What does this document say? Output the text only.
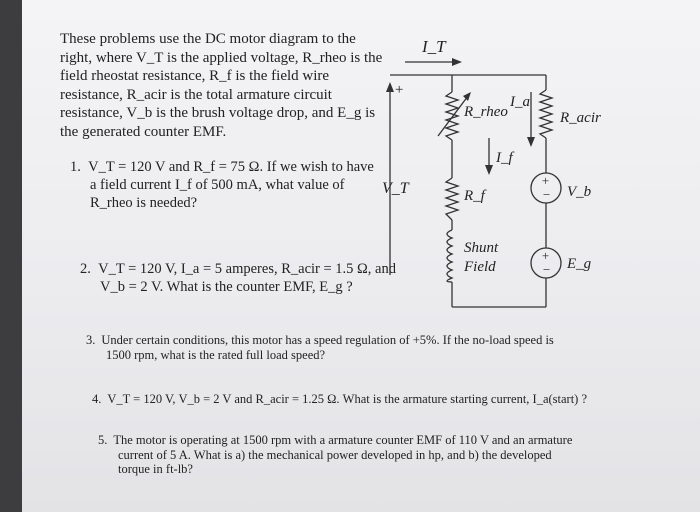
These problems use the DC motor diagram to the
right, where V_T is the applied voltage, R_rheo is the
field rheostat resistance, R_f is the field wire
resistance, R_acir is the total armature circuit
resistance, V_b is the brush voltage drop, and E_g is
the generated counter EMF.
1. V_T = 120 V and R_f = 75 Ω. If we wish to have
a field current I_f of 500 mA, what value of
R_rheo is needed?
2. V_T = 120 V, I_a = 5 amperes, R_acir = 1.5 Ω, and
V_b = 2 V. What is the counter EMF, E_g ?
3. Under certain conditions, this motor has a speed regulation of +5%. If the no-load speed is
1500 rpm, what is the rated full load speed?
4. V_T = 120 V, V_b = 2 V and R_acir = 1.25 Ω. What is the armature starting current, I_a(start) ?
5. The motor is operating at 1500 rpm with a armature counter EMF of 110 V and an armature
current of 5 A. What is a) the mechanical power developed in hp, and b) the developed
torque in ft-lb?
I_T
+
V_T
R_rheo
I_f
R_f
Shunt
Field
I_a
R_acir
V_b
E_g
+
−
+
−
